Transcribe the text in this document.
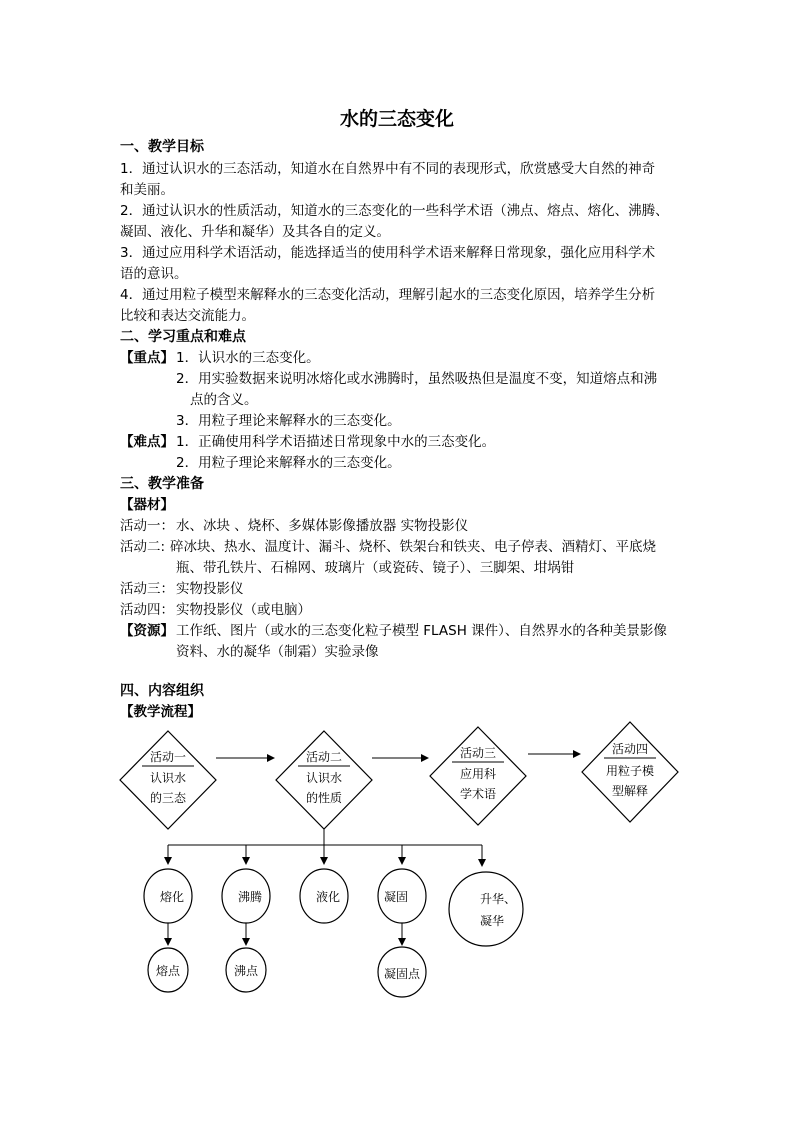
水的三态变化
一、教学目标
1．通过认识水的三态活动，知道水在自然界中有不同的表现形式，欣赏感受大自然的神奇
和美丽。
2．通过认识水的性质活动，知道水的三态变化的一些科学术语（沸点、熔点、熔化、沸腾、
凝固、液化、升华和凝华）及其各自的定义。
3．通过应用科学术语活动，能选择适当的使用科学术语来解释日常现象，强化应用科学术
语的意识。
4．通过用粒子模型来解释水的三态变化活动，理解引起水的三态变化原因，培养学生分析
比较和表达交流能力。
二、学习重点和难点
【重点】 1．认识水的三态变化。
2．用实验数据来说明冰熔化或水沸腾时，虽然吸热但是温度不变，知道熔点和沸
点的含义。
3．用粒子理论来解释水的三态变化。
【难点】 1．正确使用科学术语描述日常现象中水的三态变化。
2．用粒子理论来解释水的三态变化。
三、教学准备
【器材】
活动一： 水、冰块 、烧杯、多媒体影像播放器 实物投影仪
活动二: 碎冰块、热水、温度计、漏斗、烧杯、铁架台和铁夹、电子停表、酒精灯、平底烧
瓶、带孔铁片、石棉网、玻璃片（或瓷砖、镜子）、三脚架、坩埚钳
活动三： 实物投影仪
活动四： 实物投影仪（或电脑）
【资源】 工作纸、图片（或水的三态变化粒子模型 FLASH 课件）、自然界水的各种美景影像
资料、水的凝华（制霜）实验录像
四、内容组织
【教学流程】
活动一
认识水
的三态
活动二
认识水
的性质
活动三
应用科
学术语
活动四
用粒子模
型解释
熔化	沸腾	液化	凝固	升华、
凝华
熔点	沸点	凝固点
